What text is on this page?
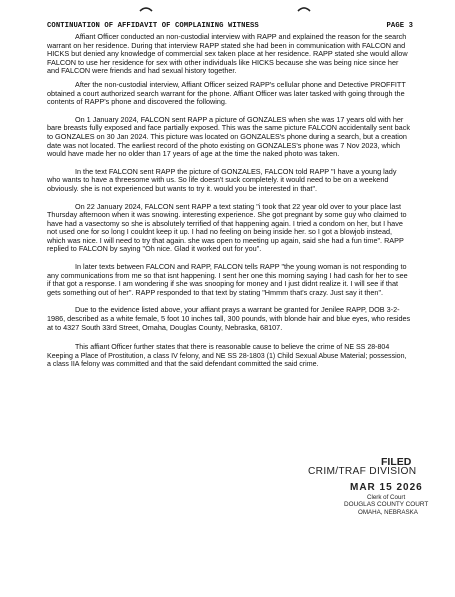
CONTINUATION OF AFFIDAVIT OF COMPLAINING WITNESS	PAGE 3

Affiant Officer conducted an non-custodial interview with RAPP and explained the reason for the search warrant on her residence. During that interview RAPP stated she had been in communication with FALCON and HICKS but denied any knowledge of commercial sex taken place at her residence. RAPP stated she would allow FALCON to use her residence for sex with other individuals like HICKS because she was being nice since her and FALCON were friends and had sexual history together.

After the non-custodial interview, Affiant Officer seized RAPP's cellular phone and Detective PROFFITT obtained a court authorized search warrant for the phone. Affiant Officer was later tasked with going through the contents of RAPP's phone and discovered the following.

On 1 January 2024, FALCON sent RAPP a picture of GONZALES when she was 17 years old with her bare breasts fully exposed and face partially exposed. This was the same picture FALCON accidentally sent back to GONZALES on 30 Jan 2024. This picture was located on GONZALES's phone during a search, but a creation date was not located. The earliest record of the photo existing on GONZALES's phone was 7 Nov 2023, which would have made her no older than 17 years of age at the time the naked photo was taken.

In the text FALCON sent RAPP the picture of GONZALES, FALCON told RAPP "I have a young lady who wants to have a threesome with us. So life doesn't suck completely. it would need to be on a weekend obviously. she is not experienced but wants to try it. would you be interested in that".

On 22 January 2024, FALCON sent RAPP a text stating "i took that 22 year old over to your place last Thursday afternoon when it was snowing. interesting experience. She got pregnant by some guy who claimed to have had a vasectomy so she is absolutely terrified of that happening again. I tried a condom on her, but I have not used one for so long I couldnt keep it up. I had no feeling on being inside her. so I got a blowjob instead, which was nice. I will need to try that again. she was open to meeting up again, said she had a fun time". RAPP replied to FALCON by saying "Oh nice. Glad it worked out for you".

In later texts between FALCON and RAPP, FALCON tells RAPP "the young woman is not responding to any communications from me so that isnt happening. I sent her one this morning saying I had cash for her to see if that got a response. I am wondering if she was snooping for money and I just didnt realize it. I will see if that gets something out of her". RAPP responded to that text by stating "Hmmm that's crazy. Just say it then".

Due to the evidence listed above, your affiant prays a warrant be granted for Jenilee RAPP, DOB 3-2-1986, described as a white female, 5 foot 10 inches tall, 300 pounds, with blonde hair and blue eyes, who resides at to 4327 South 33rd Street, Omaha, Douglas County, Nebraska, 68107.

This affiant Officer further states that there is reasonable cause to believe the crime of NE SS 28-804 Keeping a Place of Prostitution, a class IV felony, and NE SS 28-1803 (1) Child Sexual Abuse Material; possession, a class IIA felony was committed and that the said defendant committed the said crime.

FILED
CRIM/TRAF DIVISION
MAR 15 2026
Clerk of Court
DOUGLAS COUNTY COURT
OMAHA, NEBRASKA
